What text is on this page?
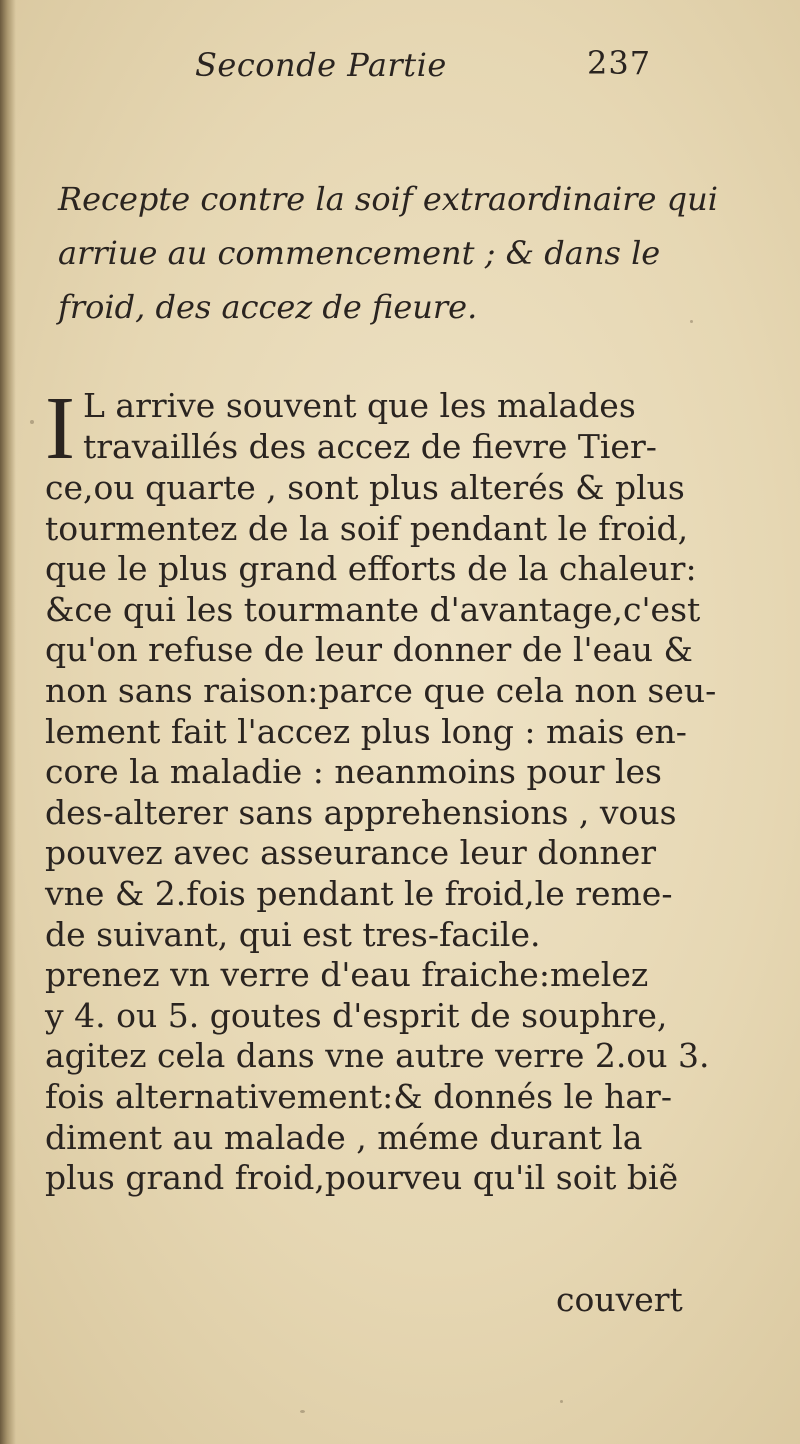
Seconde Partie	237
Recepte contre la soif extraordinaire qui
arriue au commencement ; & dans le
froid, des accez de fieure.
I L arrive souvent que les malades
travaillés des accez de fievre Tier-
ce,ou quarte , sont plus alterés & plus
tourmentez de la soif pendant le froid,
que le plus grand efforts de la chaleur:
&ce qui les tourmante d'avantage,c'est
qu'on refuse de leur donner de l'eau &
non sans raison:parce que cela non seu-
lement fait l'accez plus long : mais en-
core la maladie : neanmoins pour les
des-alterer sans apprehensions , vous
pouvez avec asseurance leur donner
vne & 2.fois pendant le froid,le reme-
de suivant, qui est tres-facile.
prenez vn verre d'eau fraiche:melez
y 4. ou 5. goutes d'esprit de souphre,
agitez cela dans vne autre verre 2.ou 3.
fois alternativement:& donnés le har-
diment au malade , méme durant la
plus grand froid,pourveu qu'il soit biẽ
couvert
